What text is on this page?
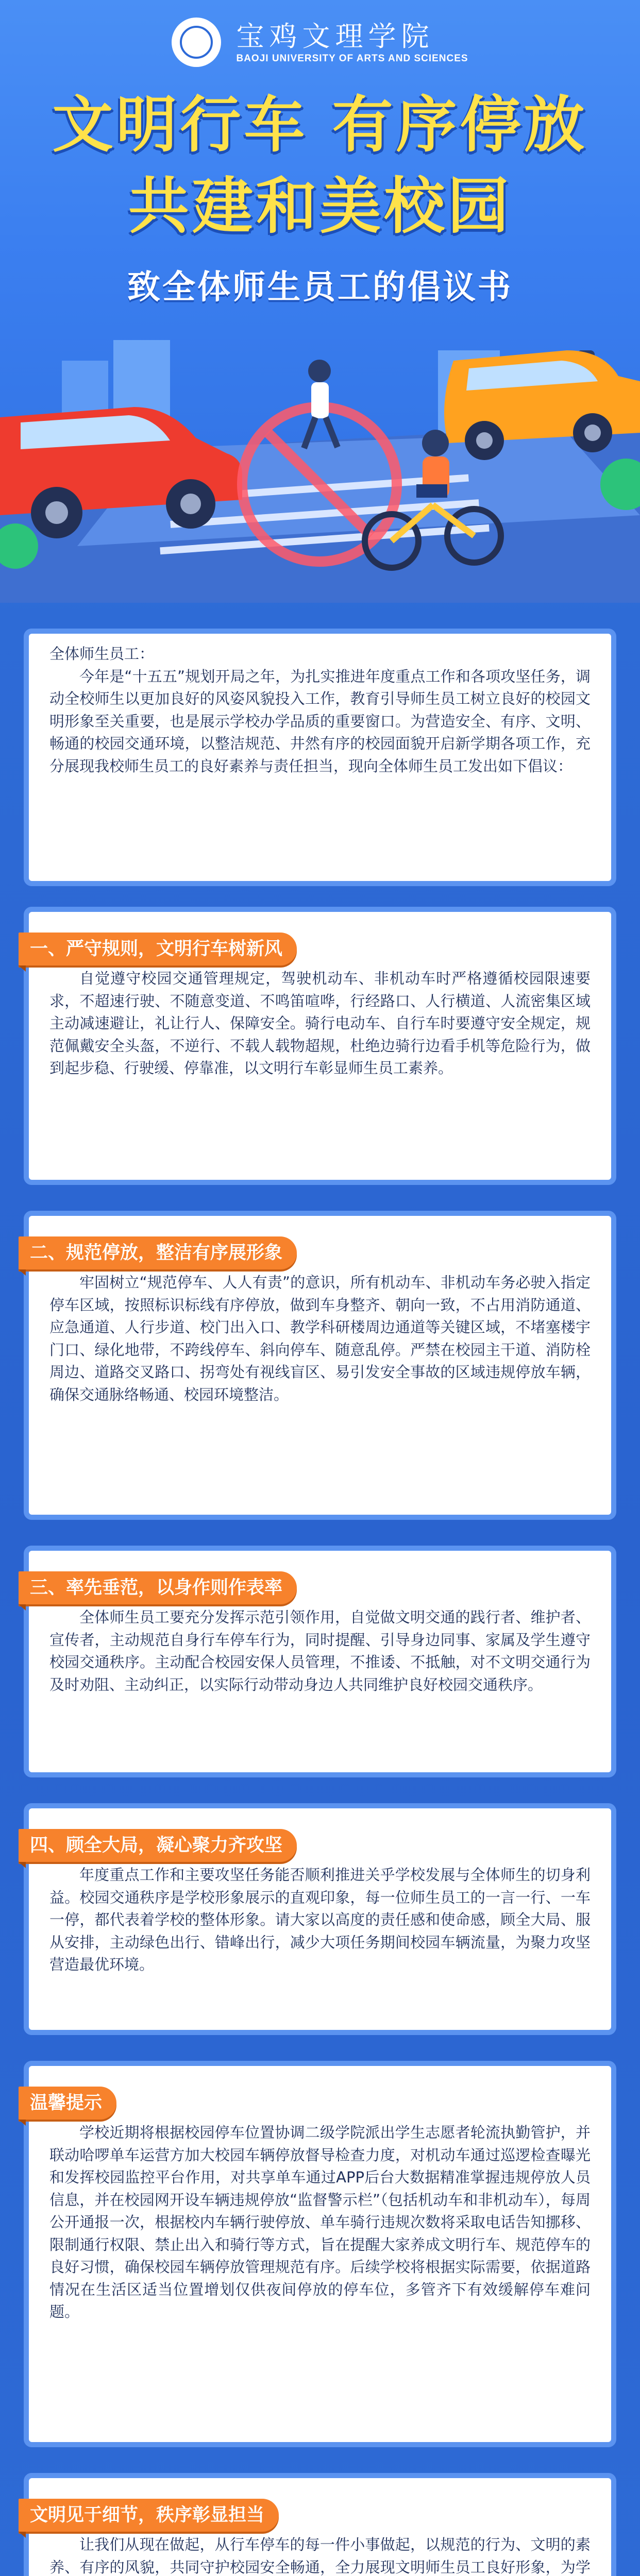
宝鸡文理学院
BAOJI UNIVERSITY OF ARTS AND SCIENCES
文明行车 有序停放
共建和美校园
致全体师生员工的倡议书

全体师生员工：

今年是“十五五”规划开局之年，为扎实推进年度重点工作和各项攻坚任务，调动全校师生以更加良好的风姿风貌投入工作，教育引导师生员工树立良好的校园文明形象至关重要，也是展示学校办学品质的重要窗口。为营造安全、有序、文明、畅通的校园交通环境，以整洁规范、井然有序的校园面貌开启新学期各项工作，充分展现我校师生员工的良好素养与责任担当，现向全体师生员工发出如下倡议：

自觉遵守校园交通管理规定，驾驶机动车、非机动车时严格遵循校园限速要求，不超速行驶、不随意变道、不鸣笛喧哗，行经路口、人行横道、人流密集区域主动减速避让，礼让行人、保障安全。骑行电动车、自行车时要遵守安全规定，规范佩戴安全头盔，不逆行、不载人载物超规，杜绝边骑行边看手机等危险行为，做到起步稳、行驶缓、停靠准，以文明行车彰显师生员工素养。

一、严守规则，文明行车树新风

牢固树立“规范停车、人人有责”的意识，所有机动车、非机动车务必驶入指定停车区域，按照标识标线有序停放，做到车身整齐、朝向一致，不占用消防通道、应急通道、人行步道、校门出入口、教学科研楼周边通道等关键区域，不堵塞楼宇门口、绿化地带，不跨线停车、斜向停车、随意乱停。严禁在校园主干道、消防栓周边、道路交叉路口、拐弯处有视线盲区、易引发安全事故的区域违规停放车辆，确保交通脉络畅通、校园环境整洁。

二、规范停放，整洁有序展形象

全体师生员工要充分发挥示范引领作用，自觉做文明交通的践行者、维护者、宣传者，主动规范自身行车停车行为，同时提醒、引导身边同事、家属及学生遵守校园交通秩序。主动配合校园安保人员管理，不推诿、不抵触，对不文明交通行为及时劝阻、主动纠正，以实际行动带动身边人共同维护良好校园交通秩序。

三、率先垂范，以身作则作表率

年度重点工作和主要攻坚任务能否顺利推进关乎学校发展与全体师生的切身利益。校园交通秩序是学校形象展示的直观印象，每一位师生员工的一言一行、一车一停，都代表着学校的整体形象。请大家以高度的责任感和使命感，顾全大局、服从安排，主动绿色出行、错峰出行，减少大项任务期间校园车辆流量，为聚力攻坚营造最优环境。

四、顾全大局，凝心聚力齐攻坚

学校近期将根据校园停车位置协调二级学院派出学生志愿者轮流执勤管护，并联动哈啰单车运营方加大校园车辆停放督导检查力度，对机动车通过巡逻检查曝光和发挥校园监控平台作用，对共享单车通过APP后台大数据精准掌握违规停放人员信息，并在校园网开设车辆违规停放“监督警示栏”（包括机动车和非机动车），每周公开通报一次，根据校内车辆行驶停放、单车骑行违规次数将采取电话告知挪移、限制通行权限、禁止出入和骑行等方式，旨在提醒大家养成文明行车、规范停车的良好习惯，确保校园车辆停放管理规范有序。后续学校将根据实际需要，依据道路情况在生活区适当位置增划仅供夜间停放的停车位，多管齐下有效缓解停车难问题。

温馨提示

让我们从现在做起，从行车停车的每一件小事做起，以规范的行为、文明的素养、有序的风貌，共同守护校园安全畅通，全力展现文明师生员工良好形象，为学

文明见于细节，秩序彰显担当
